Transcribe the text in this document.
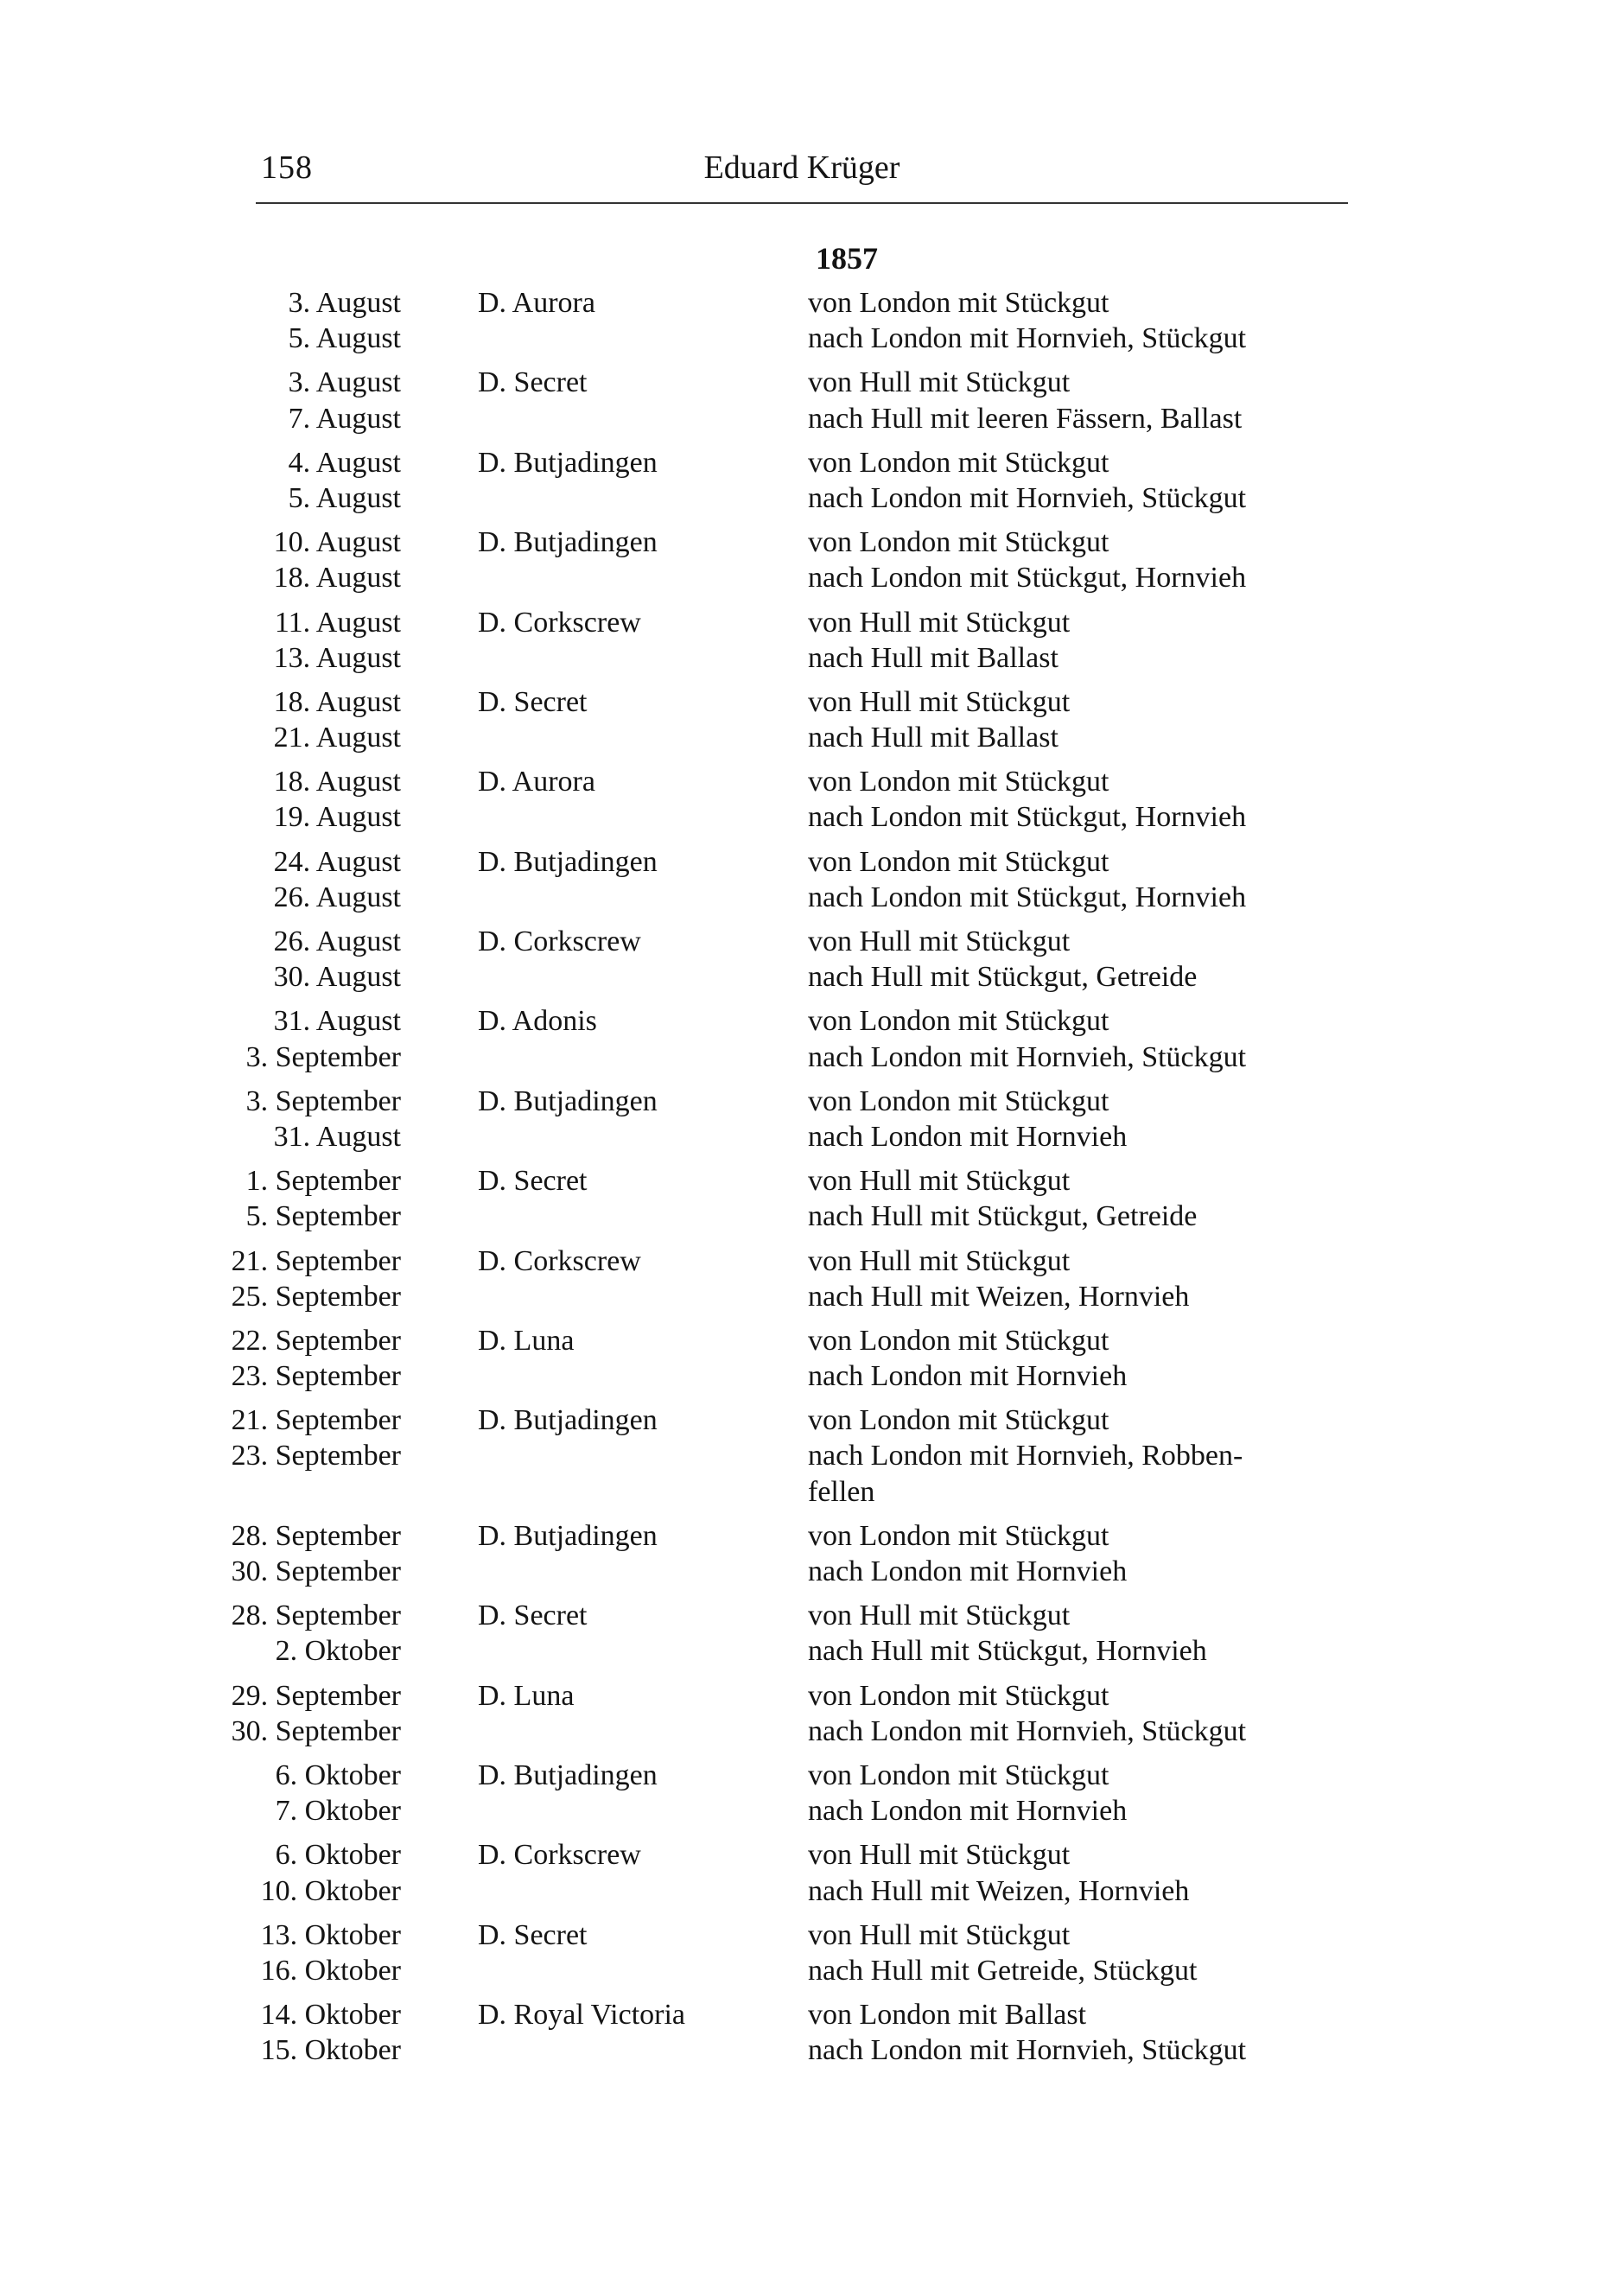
158	Eduard Krüger
1857
3. August	D. Aurora	von London mit Stückgut
5. August	nach London mit Hornvieh, Stückgut
3. August	D. Secret	von Hull mit Stückgut
7. August	nach Hull mit leeren Fässern, Ballast
4. August	D. Butjadingen	von London mit Stückgut
5. August	nach London mit Hornvieh, Stückgut
10. August	D. Butjadingen	von London mit Stückgut
18. August	nach London mit Stückgut, Hornvieh
11. August	D. Corkscrew	von Hull mit Stückgut
13. August	nach Hull mit Ballast
18. August	D. Secret	von Hull mit Stückgut
21. August	nach Hull mit Ballast
18. August	D. Aurora	von London mit Stückgut
19. August	nach London mit Stückgut, Hornvieh
24. August	D. Butjadingen	von London mit Stückgut
26. August	nach London mit Stückgut, Hornvieh
26. August	D. Corkscrew	von Hull mit Stückgut
30. August	nach Hull mit Stückgut, Getreide
31. August	D. Adonis	von London mit Stückgut
3. September	nach London mit Hornvieh, Stückgut
3. September	D. Butjadingen	von London mit Stückgut
31. August	nach London mit Hornvieh
1. September	D. Secret	von Hull mit Stückgut
5. September	nach Hull mit Stückgut, Getreide
21. September	D. Corkscrew	von Hull mit Stückgut
25. September	nach Hull mit Weizen, Hornvieh
22. September	D. Luna	von London mit Stückgut
23. September	nach London mit Hornvieh
21. September	D. Butjadingen	von London mit Stückgut
23. September	nach London mit Hornvieh, Robben-
fellen
28. September	D. Butjadingen	von London mit Stückgut
30. September	nach London mit Hornvieh
28. September	D. Secret	von Hull mit Stückgut
2. Oktober	nach Hull mit Stückgut, Hornvieh
29. September	D. Luna	von London mit Stückgut
30. September	nach London mit Hornvieh, Stückgut
6. Oktober	D. Butjadingen	von London mit Stückgut
7. Oktober	nach London mit Hornvieh
6. Oktober	D. Corkscrew	von Hull mit Stückgut
10. Oktober	nach Hull mit Weizen, Hornvieh
13. Oktober	D. Secret	von Hull mit Stückgut
16. Oktober	nach Hull mit Getreide, Stückgut
14. Oktober	D. Royal Victoria	von London mit Ballast
15. Oktober	nach London mit Hornvieh, Stückgut
